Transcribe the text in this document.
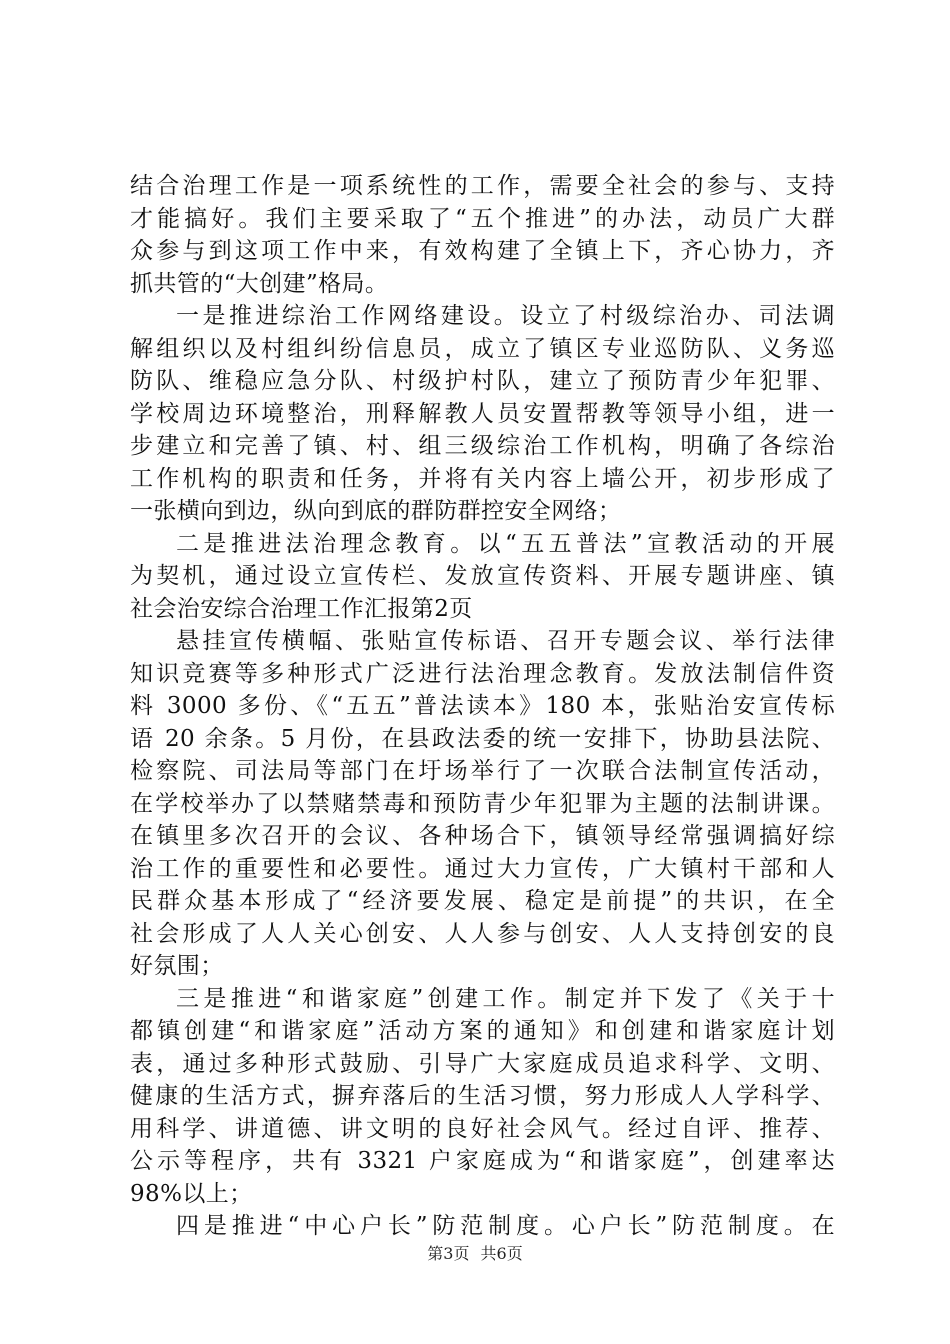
结合治理工作是一项系统性的工作，需要全社会的参与、支持
才能搞好。我们主要采取了“五个推进”的办法，动员广大群
众参与到这项工作中来，有效构建了全镇上下，齐心协力，齐
抓共管的“大创建”格局。
一是推进综治工作网络建设。设立了村级综治办、司法调
解组织以及村组纠纷信息员，成立了镇区专业巡防队、义务巡
防队、维稳应急分队、村级护村队，建立了预防青少年犯罪、
学校周边环境整治，刑释解教人员安置帮教等领导小组，进一
步建立和完善了镇、村、组三级综治工作机构，明确了各综治
工作机构的职责和任务，并将有关内容上墙公开，初步形成了
一张横向到边，纵向到底的群防群控安全网络；
二是推进法治理念教育。以“五五普法”宣教活动的开展
为契机，通过设立宣传栏、发放宣传资料、开展专题讲座、镇
社会治安综合治理工作汇报第2页
悬挂宣传横幅、张贴宣传标语、召开专题会议、举行法律
知识竞赛等多种形式广泛进行法治理念教育。发放法制信件资
料 3000 多份、《“五五”普法读本》180 本，张贴治安宣传标
语 20 余条。5 月份，在县政法委的统一安排下，协助县法院、
检察院、司法局等部门在圩场举行了一次联合法制宣传活动，
在学校举办了以禁赌禁毒和预防青少年犯罪为主题的法制讲课。
在镇里多次召开的会议、各种场合下，镇领导经常强调搞好综
治工作的重要性和必要性。通过大力宣传，广大镇村干部和人
民群众基本形成了“经济要发展、稳定是前提”的共识，在全
社会形成了人人关心创安、人人参与创安、人人支持创安的良
好氛围；
三是推进“和谐家庭”创建工作。制定并下发了《关于十
都镇创建“和谐家庭”活动方案的通知》和创建和谐家庭计划
表，通过多种形式鼓励、引导广大家庭成员追求科学、文明、
健康的生活方式，摒弃落后的生活习惯，努力形成人人学科学、
用科学、讲道德、讲文明的良好社会风气。经过自评、推荐、
公示等程序，共有 3321 户家庭成为“和谐家庭”，创建率达
98%以上；
四是推进“中心户长”防范制度。心户长”防范制度。在
第3页 共6页
